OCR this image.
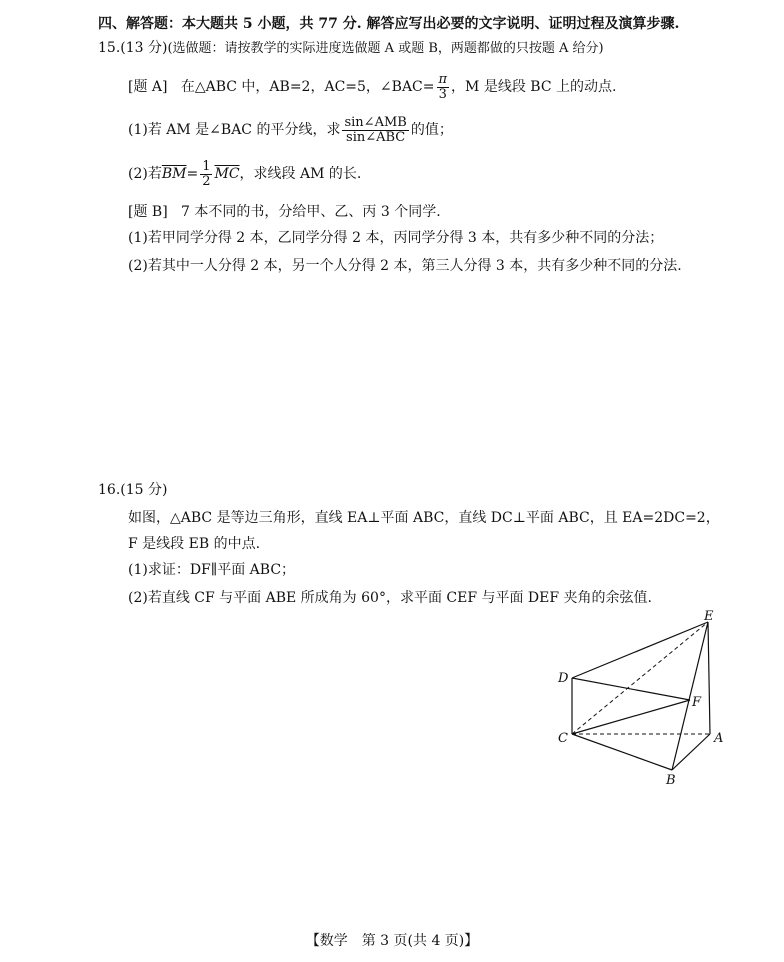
四、解答题：本大题共 5 小题，共 77 分. 解答应写出必要的文字说明、证明过程及演算步骤.
15.(13 分)(选做题：请按教学的实际进度选做题 A 或题 B，两题都做的只按题 A 给分)
[题 A] 在△ABC 中，AB=2，AC=5，∠BAC= $\frac{\pi}{3}$ ，M 是线段 BC 上的动点.
(1)若 AM 是∠BAC 的平分线，求 $\frac{\text{sin∠AMB}}{\text{sin∠ABC}}$ 的值；
(2)若$\overline{BM}= \frac{1}{2} \overline{MC}$，求线段 AM 的长.
[题 B] 7 本不同的书，分给甲、乙、丙 3 个同学.
(1)若甲同学分得 2 本，乙同学分得 2 本，丙同学分得 3 本，共有多少种不同的分法；
(2)若其中一人分得 2 本，另一个人分得 2 本，第三人分得 3 本，共有多少种不同的分法.
16.(15 分)
如图，△ABC 是等边三角形，直线 EA⊥平面 ABC，直线 DC⊥平面 ABC，且 EA=2DC=2，
F 是线段 EB 的中点.
(1)求证：DF∥平面 ABC；
(2)若直线 CF 与平面 ABE 所成角为 60°，求平面 CEF 与平面 DEF 夹角的余弦值.
E
D
F
C	A
B
【数学　第 3 页(共 4 页)】
